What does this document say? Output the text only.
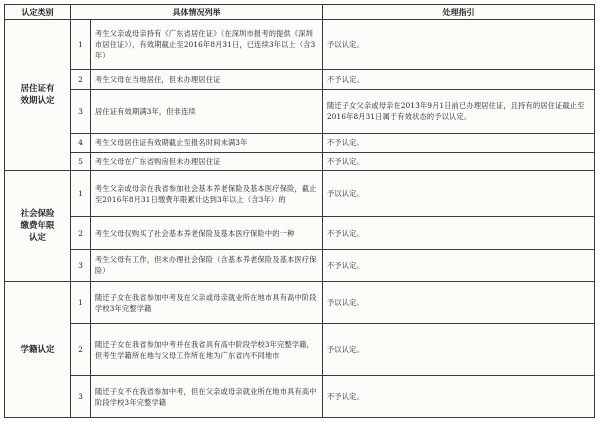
认定类别	具体情况列举		处理指引

居住证有
效期认定	1	考生父亲或母亲持有《广东省居住证》（在深圳市报考的提供《深圳市居住证》），有效期截止至2016年8月31日，已连续3年以上（含3年）	予以认定。
	2	考生父母在当地居住，但未办理居住证	不予认定。
	3	居住证有效期满3年，但非连续	随迁子女父亲或母亲在2013年9月1日前已办理居住证，且持有的居住证截止至2016年8月31日属于有效状态的予以认定。
	4	考生父母居住证有效期截止至报名时间未满3年	不予认定。
	5	考生父母在广东省购房但未办理居住证	不予认定。

社会保险
缴费年限
认定	1	考生父亲或母亲在我省参加社会基本养老保险及基本医疗保险，截止至2016年8月31日缴费年限累计达到3年以上（含3年）的	予以认定。
	2	考生父母仅购买了社会基本养老保险及基本医疗保险中的一种	不予认定。
	3	考生父母有工作，但未办理社会保险（含基本养老保险及基本医疗保险）	不予认定。

学籍认定	1	随迁子女在我省参加中考及在父亲或母亲就业所在地市具有高中阶段学校3年完整学籍	予以认定。
	2	随迁子女在我省参加中考并在我省具有高中阶段学校3年完整学籍，但考生学籍所在地与父母工作所在地为广东省内不同地市	予以认定。
	3	随迁子女不在我省参加中考，但在父亲或母亲就业所在地市具有高中阶段学校3年完整学籍	不予认定。
